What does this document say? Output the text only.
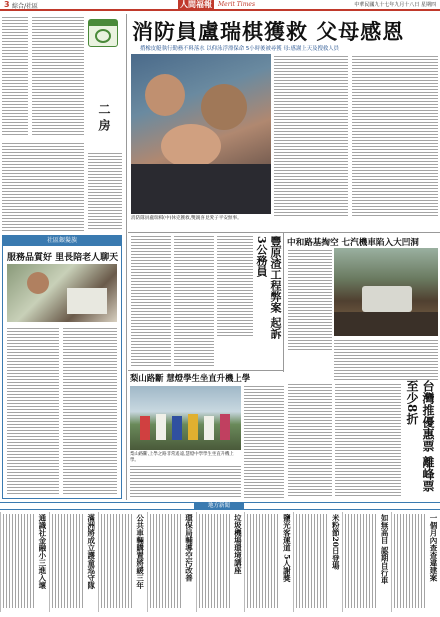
3 綜合/社區	人間福報	Merit Times	中華民國九十七年九月十八日 星期四
二 房
社區銀髮族
服務品質好 里長陪老人聊天
消防員盧瑞棋獲救 父母感恩
揹橡皮艇執行勤務不料落水 以仰泳浮漂保命 5小時後被尋獲 母:感謝上天及搜救人員
消防隊員盧瑞棋(中)休克獲救,雙親喜見愛子平安無事。
豐原渣工程弊案 起訴3公務員	中和路基掏空 七汽機車陷入大凹洞
梨山路斷 慧燈學生坐直升機上學
梨山路斷,上學之路非常遙遠,慧燈中學學生坐直升機上學。	台灣推優惠票 離峰票至少8折
地方新聞
一個月內查查違建案
如無高目 認期自行車
米粉節20日登場
鹽光客運道 5人謝獎
垃圾機場環境講座
環保局輔導空污改善
公共車輛購置將緩三年
滿洲將成立護童巡守隊
通識社金融小三進入壞
